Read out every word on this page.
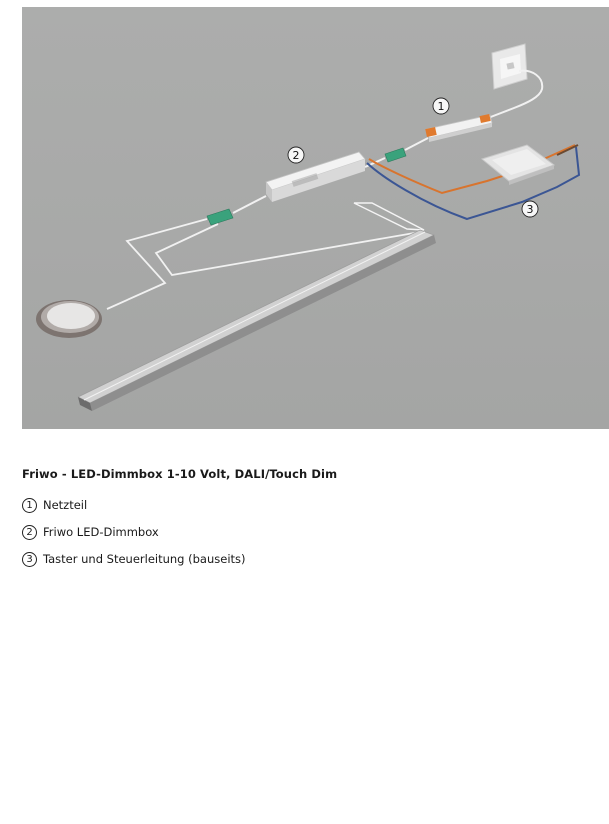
1
3
2
Friwo - LED-Dimmbox 1-10 Volt, DALI/Touch Dim
1 Netzteil
2 Friwo LED-Dimmbox
3 Taster und Steuerleitung (bauseits)
